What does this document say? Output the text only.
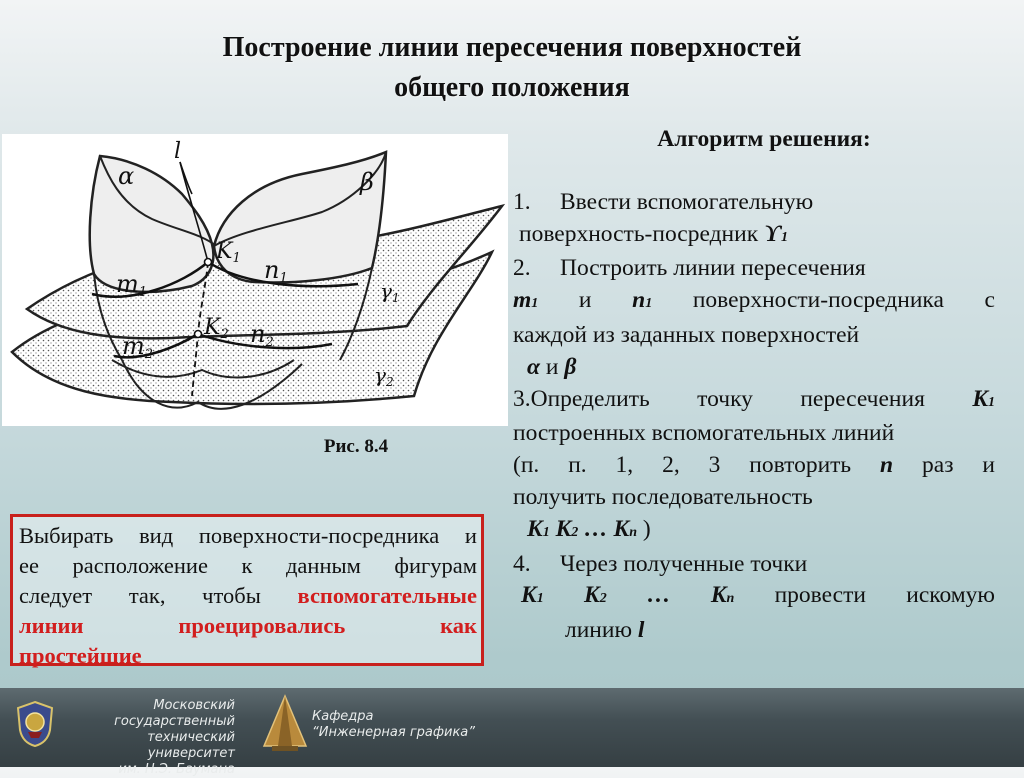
Построение линии пересечения поверхностей
общего положения
α	β
l
K1
K2
m1
n1
m2
n2
$\gamma_1$
$\gamma_2$
Рис. 8.4
Алгоритм решения:
1. Ввести вспомогательную
поверхность-посредник ϒ1
2. Построить линии пересечения
m1 и n1 поверхности-посредника с
каждой из заданных поверхностей
α и β
3.Определить точку пересечения K1
построенных вспомогательных линий
(п. п. 1, 2, 3 повторить n раз и
получить последовательность
K1 K2 … Kn )
4. Через полученные точки
K1 K2 … Kn провести искомую
линию l
Выбирать вид поверхности-посредника и
ее расположение к данным фигурам
следует так, чтобы вспомогательные
линии	проецировались	как
простейшие
Московский государственный
технический университет
им. Н.Э. Баумана
Кафедра
“Инженерная графика”
